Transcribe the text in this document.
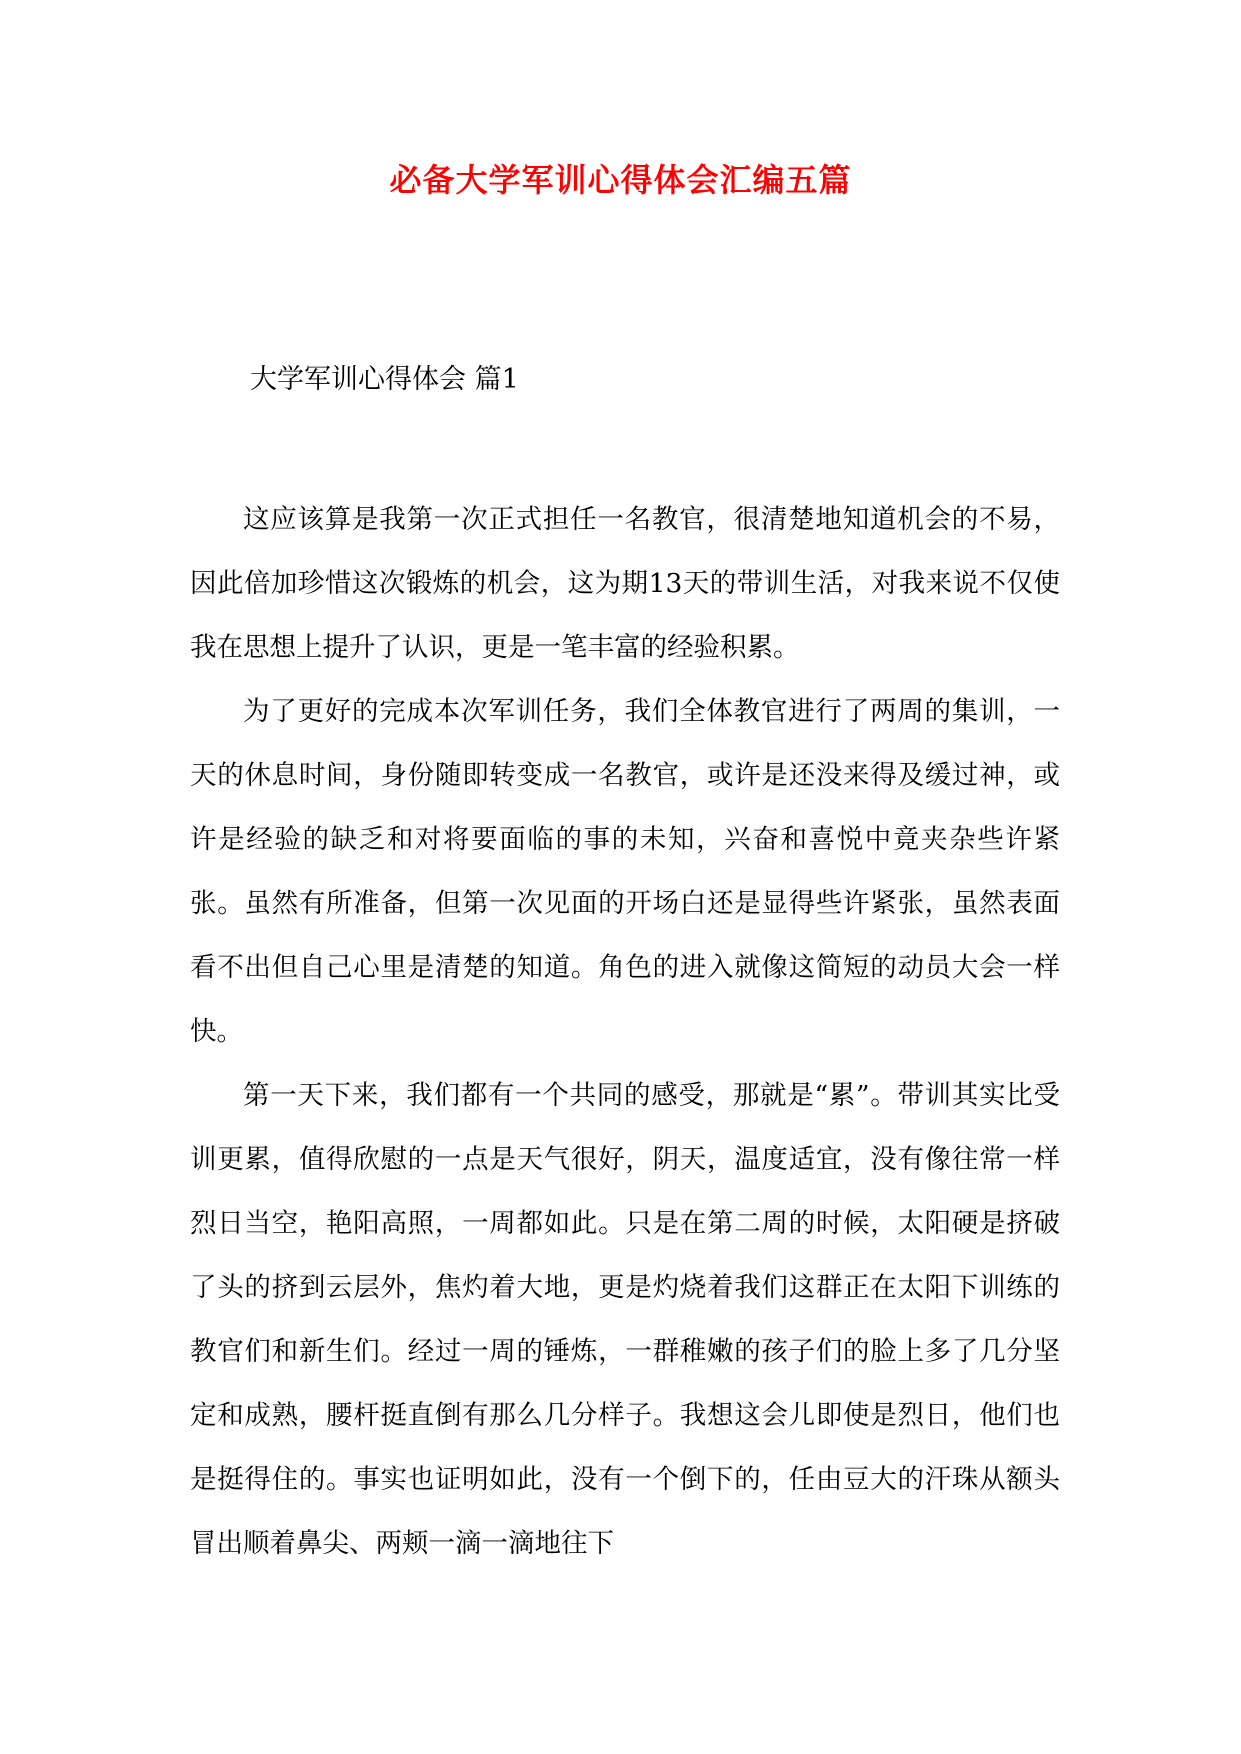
必备大学军训心得体会汇编五篇
大学军训心得体会 篇1

这应该算是我第一次正式担任一名教官，很清楚地知道机会的不易，因此倍加珍惜这次锻炼的机会，这为期13天的带训生活，对我来说不仅使我在思想上提升了认识，更是一笔丰富的经验积累。

为了更好的完成本次军训任务，我们全体教官进行了两周的集训，一天的休息时间，身份随即转变成一名教官，或许是还没来得及缓过神，或许是经验的缺乏和对将要面临的事的未知，兴奋和喜悦中竟夹杂些许紧张。虽然有所准备，但第一次见面的开场白还是显得些许紧张，虽然表面看不出但自己心里是清楚的知道。角色的进入就像这简短的动员大会一样快。

第一天下来，我们都有一个共同的感受，那就是“累”。带训其实比受训更累，值得欣慰的一点是天气很好，阴天，温度适宜，没有像往常一样烈日当空，艳阳高照，一周都如此。只是在第二周的时候，太阳硬是挤破了头的挤到云层外，焦灼着大地，更是灼烧着我们这群正在太阳下训练的教官们和新生们。经过一周的锤炼，一群稚嫩的孩子们的脸上多了几分坚定和成熟，腰杆挺直倒有那么几分样子。我想这会儿即使是烈日，他们也是挺得住的。事实也证明如此，没有一个倒下的，任由豆大的汗珠从额头冒出顺着鼻尖、两颊一滴一滴地往下
